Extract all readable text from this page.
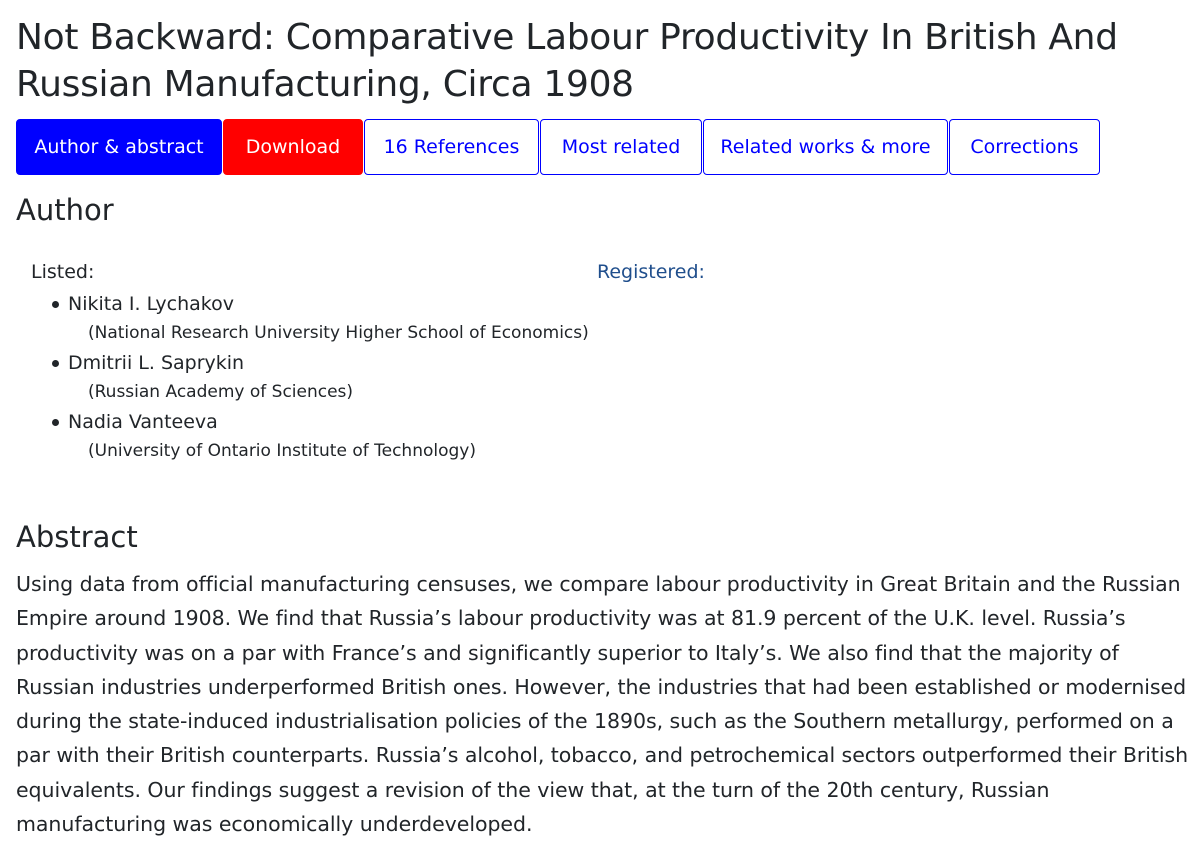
Not Backward: Comparative Labour Productivity In British And Russian Manufacturing, Circa 1908
Author & abstract	Download	16 References	Most related	Related works & more	Corrections
Author
Listed:	Registered:
Nikita I. Lychakov
(National Research University Higher School of Economics)
Dmitrii L. Saprykin
(Russian Academy of Sciences)
Nadia Vanteeva
(University of Ontario Institute of Technology)
Abstract

Using data from official manufacturing censuses, we compare labour productivity in Great Britain and the Russian Empire around 1908. We find that Russia’s labour productivity was at 81.9 percent of the U.K. level. Russia’s productivity was on a par with France’s and significantly superior to Italy’s. We also find that the majority of Russian industries underperformed British ones. However, the industries that had been established or modernised during the state-induced industrialisation policies of the 1890s, such as the Southern metallurgy, performed on a par with their British counterparts. Russia’s alcohol, tobacco, and petrochemical sectors outperformed their British equivalents. Our findings suggest a revision of the view that, at the turn of the 20th century, Russian manufacturing was economically underdeveloped.
